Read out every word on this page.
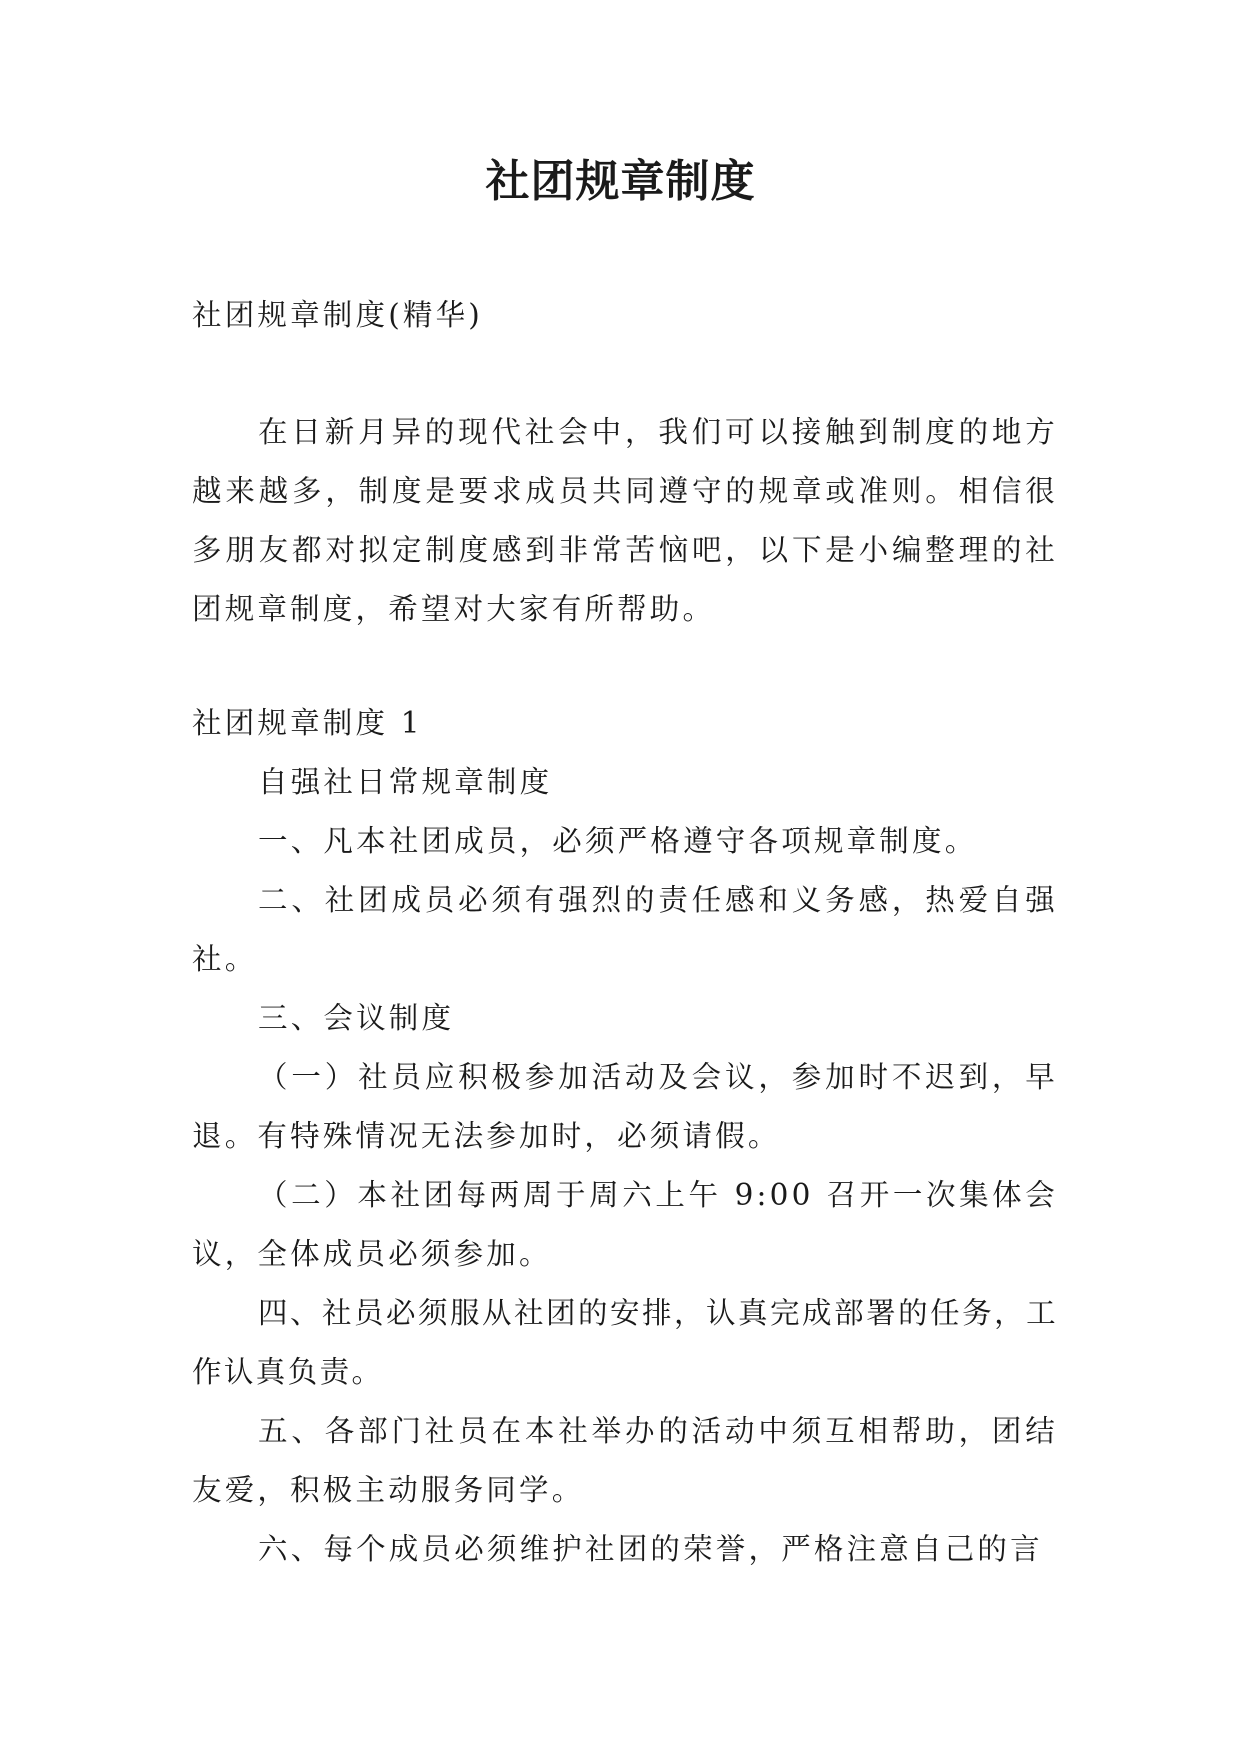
社团规章制度

社团规章制度(精华)

在日新月异的现代社会中，我们可以接触到制度的地方越来越多，制度是要求成员共同遵守的规章或准则。相信很多朋友都对拟定制度感到非常苦恼吧，以下是小编整理的社团规章制度，希望对大家有所帮助。

社团规章制度 1

自强社日常规章制度

一、凡本社团成员，必须严格遵守各项规章制度。

二、社团成员必须有强烈的责任感和义务感，热爱自强社。

三、会议制度

（一）社员应积极参加活动及会议，参加时不迟到，早退。有特殊情况无法参加时，必须请假。

（二）本社团每两周于周六上午 9:00 召开一次集体会议，全体成员必须参加。

四、社员必须服从社团的安排，认真完成部署的任务，工作认真负责。

五、各部门社员在本社举办的活动中须互相帮助，团结友爱，积极主动服务同学。

六、每个成员必须维护社团的荣誉，严格注意自己的言
